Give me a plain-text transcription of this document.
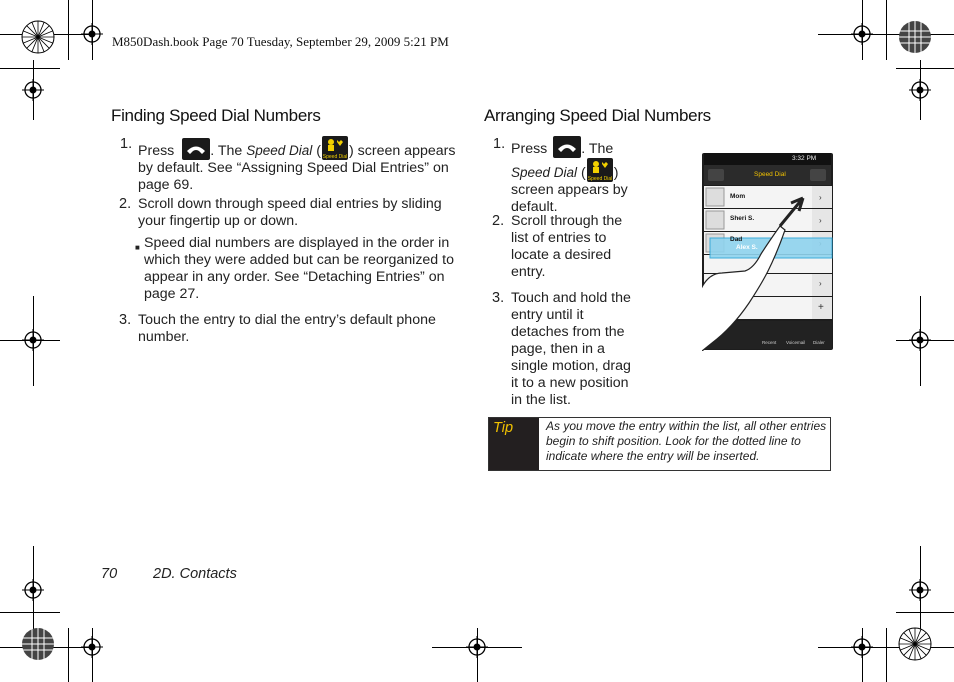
M850Dash.book Page 70 Tuesday, September 29, 2009 5:21 PM
Finding Speed Dial Numbers
1. Press	. The Speed Dial ( Speed Dial ) screen appears by default. See “Assigning Speed Dial Entries” on page 69.
2. Scroll down through speed dial entries by sliding your fingertip up or down.
■ Speed dial numbers are displayed in the order in which they were added but can be reorganized to appear in any order. See “Detaching Entries” on page 27.
3. Touch the entry to dial the entry’s default phone number.
Arranging Speed Dial Numbers
1. Press . The Speed Dial ( Speed Dial ) screen appears by default.
2. Scroll through the list of entries to locate a desired entry.
3. Touch and hold the entry until it detaches from the page, then in a single motion, drag it to a new position in the list.
›
›
›
+
3:32 PM
Speed Dial
Mom
Sheri S.
Dad
Alex S.
Recent Voicemail Dialer
Tip	As you move the entry within the list, all other entries begin to shift position. Look for the dotted line to indicate where the entry will be inserted.
70 2D. Contacts
